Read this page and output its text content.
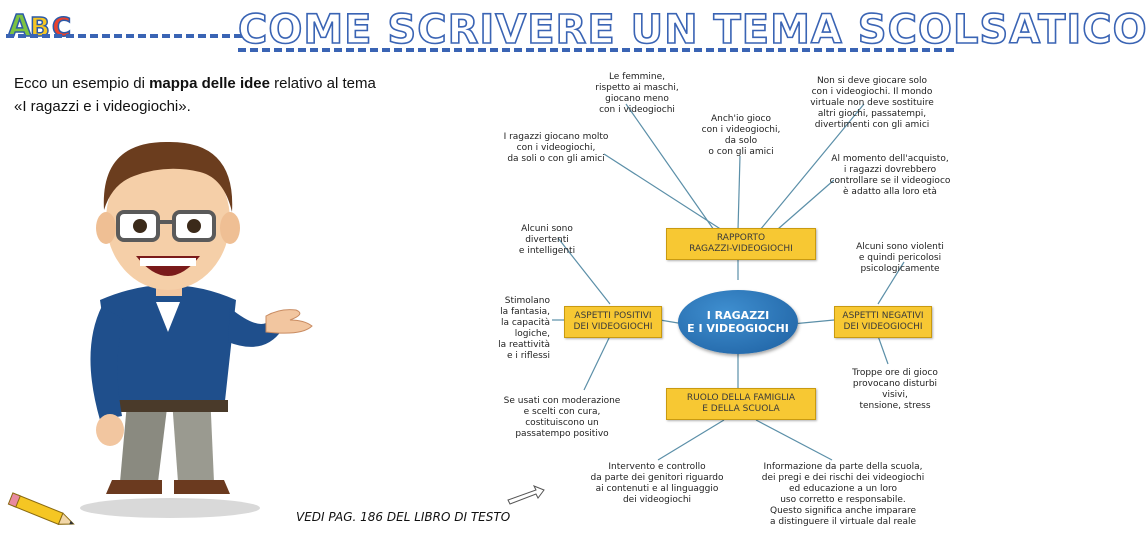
A
B C	COME SCRIVERE UN TEMA SCOLSATICO
Ecco un esempio di mappa delle idee relativo al tema
«I ragazzi e i videogiochi».
VEDI PAG. 186 DEL LIBRO DI TESTO
Le femmine,
rispetto ai maschi,
giocano meno
con i videogiochi
Non si deve giocare solo
con i videogiochi. Il mondo
virtuale non deve sostituire
altri giochi, passatempi,
divertimenti con gli amici
Anch'io gioco
con i videogiochi,
da solo
o con gli amici
I ragazzi giocano molto
con i videogiochi,
da soli o con gli amici	Al momento dell'acquisto,
i ragazzi dovrebbero
controllare se il videogioco
è adatto alla loro età
Alcuni sono
divertenti
e intelligenti	Alcuni sono violenti
e quindi pericolosi
psicologicamente
RAPPORTO
RAGAZZI-VIDEOGIOCHI
Stimolano
la fantasia,
la capacità
logiche,
la reattività
e i riflessi
ASPETTI POSITIVI
DEI VIDEOGIOCHI
I RAGAZZI
E I VIDEOGIOCHI
ASPETTI NEGATIVI
DEI VIDEOGIOCHI
Troppe ore di gioco
provocano disturbi visivi,
tensione, stress
RUOLO DELLA FAMIGLIA
E DELLA SCUOLA
Se usati con moderazione
e scelti con cura,
costituiscono un
passatempo positivo
Intervento e controllo
da parte dei genitori riguardo
ai contenuti e al linguaggio
dei videogiochi
Informazione da parte della scuola,
dei pregi e dei rischi dei videogiochi
ed educazione a un loro
uso corretto e responsabile.
Questo significa anche imparare
a distinguere il virtuale dal reale
